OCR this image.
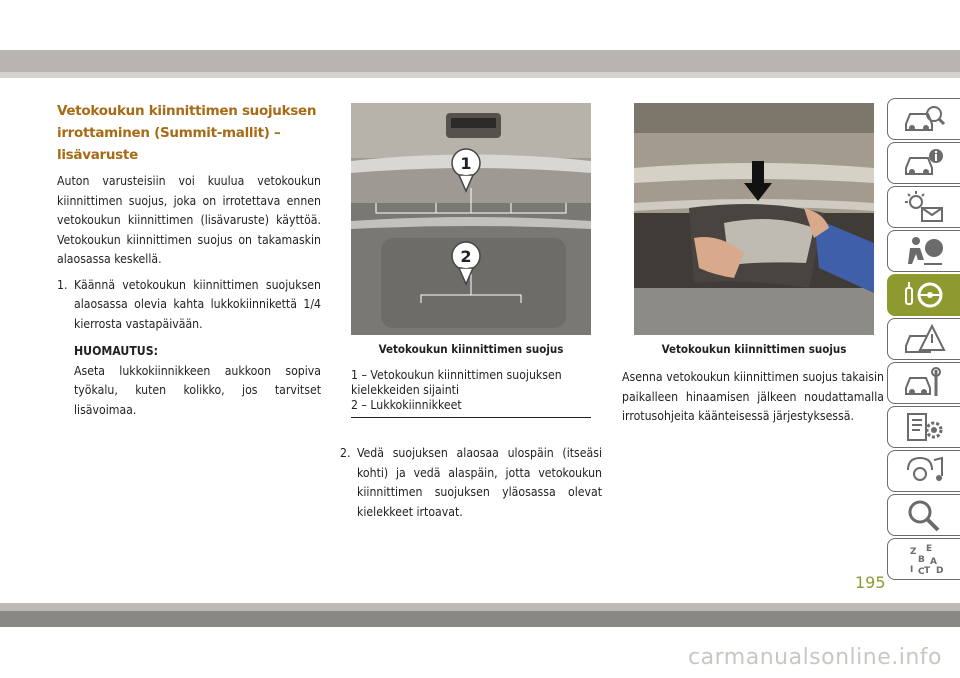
Vetokoukun kiinnittimen suojuksen
irrottaminen (Summit-mallit) – lisävaruste

Auton varusteisiin voi kuulua vetokoukun kiinnittimen suojus, joka on irrotettava ennen vetokoukun kiinnittimen (lisävaruste) käyttöä. Vetokoukun kiinnittimen suojus on takamaskin alaosassa keskellä.

1. Käännä vetokoukun kiinnittimen suojuksen alaosassa olevia kahta lukkokiinnikettä 1/4 kierrosta vastapäivään.
HUOMAUTUS:
Aseta lukkokiinnikkeen aukkoon sopiva työkalu, kuten kolikko, jos tarvitset lisävoimaa.
1
2
Vetokoukun kiinnittimen suojus
1 – Vetokoukun kiinnittimen suojuksen kielekkeiden sijainti
2 – Lukkokiinnikkeet
2. Vedä suojuksen alaosaa ulospäin (itseäsi kohti) ja vedä alaspäin, jotta vetokoukun kiinnittimen suojuksen yläosassa olevat kielekkeet irtoavat.
Vetokoukun kiinnittimen suojus

Asenna vetokoukun kiinnittimen suojus takaisin paikalleen hinaamisen jälkeen noudattamalla irrotusohjeita käänteisessä järjestyksessä.

Z E
B A
I C T D
195
carmanualsonline.info
